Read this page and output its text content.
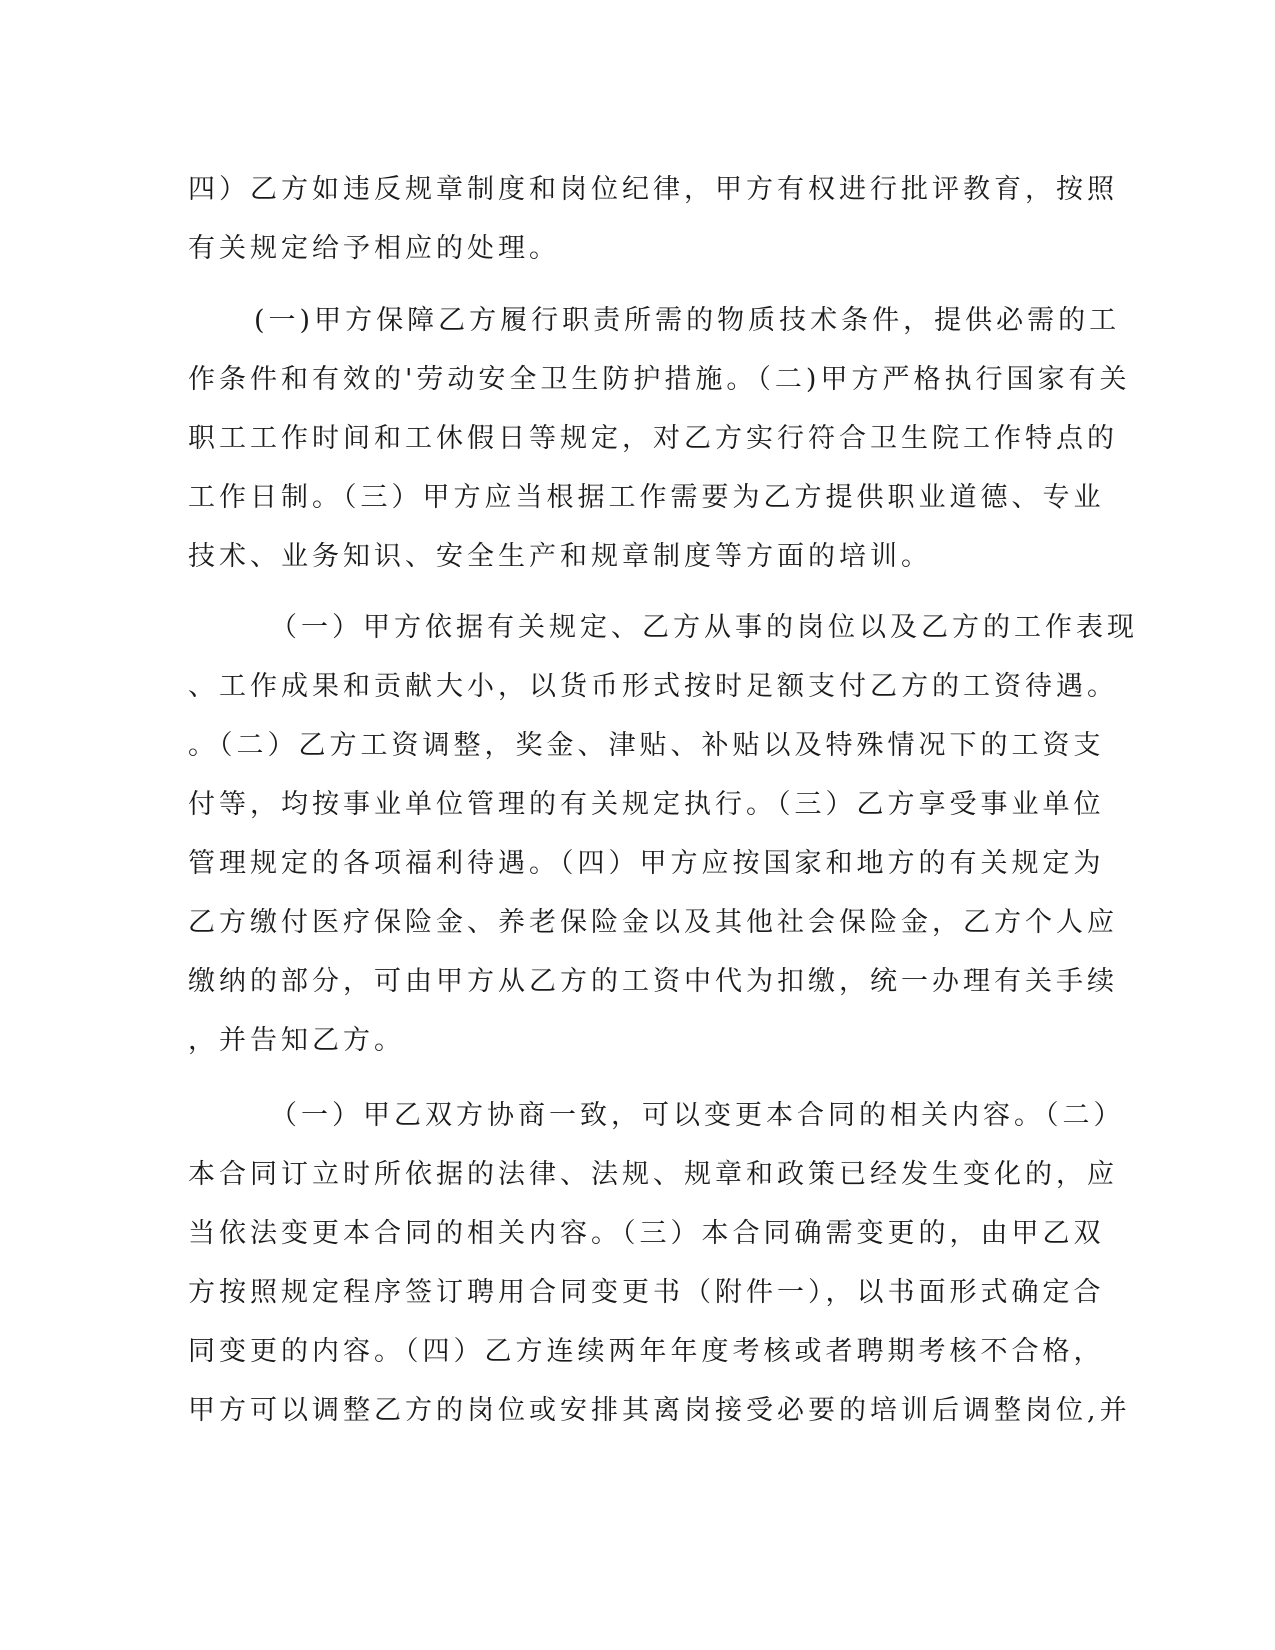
四）乙方如违反规章制度和岗位纪律，甲方有权进行批评教育，按照
有关规定给予相应的处理。
(一)甲方保障乙方履行职责所需的物质技术条件，提供必需的工
作条件和有效的'劳动安全卫生防护措施。（二)甲方严格执行国家有关
职工工作时间和工休假日等规定，对乙方实行符合卫生院工作特点的
工作日制。（三）甲方应当根据工作需要为乙方提供职业道德、专业
技术、业务知识、安全生产和规章制度等方面的培训。
（一）甲方依据有关规定、乙方从事的岗位以及乙方的工作表现
、工作成果和贡献大小，以货币形式按时足额支付乙方的工资待遇。
。（二）乙方工资调整，奖金、津贴、补贴以及特殊情况下的工资支
付等，均按事业单位管理的有关规定执行。（三）乙方享受事业单位
管理规定的各项福利待遇。（四）甲方应按国家和地方的有关规定为
乙方缴付医疗保险金、养老保险金以及其他社会保险金，乙方个人应
缴纳的部分，可由甲方从乙方的工资中代为扣缴，统一办理有关手续
，并告知乙方。
（一）甲乙双方协商一致，可以变更本合同的相关内容。（二）
本合同订立时所依据的法律、法规、规章和政策已经发生变化的，应
当依法变更本合同的相关内容。（三）本合同确需变更的，由甲乙双
方按照规定程序签订聘用合同变更书（附件一），以书面形式确定合
同变更的内容。（四）乙方连续两年年度考核或者聘期考核不合格，
甲方可以调整乙方的岗位或安排其离岗接受必要的培训后调整岗位,并
